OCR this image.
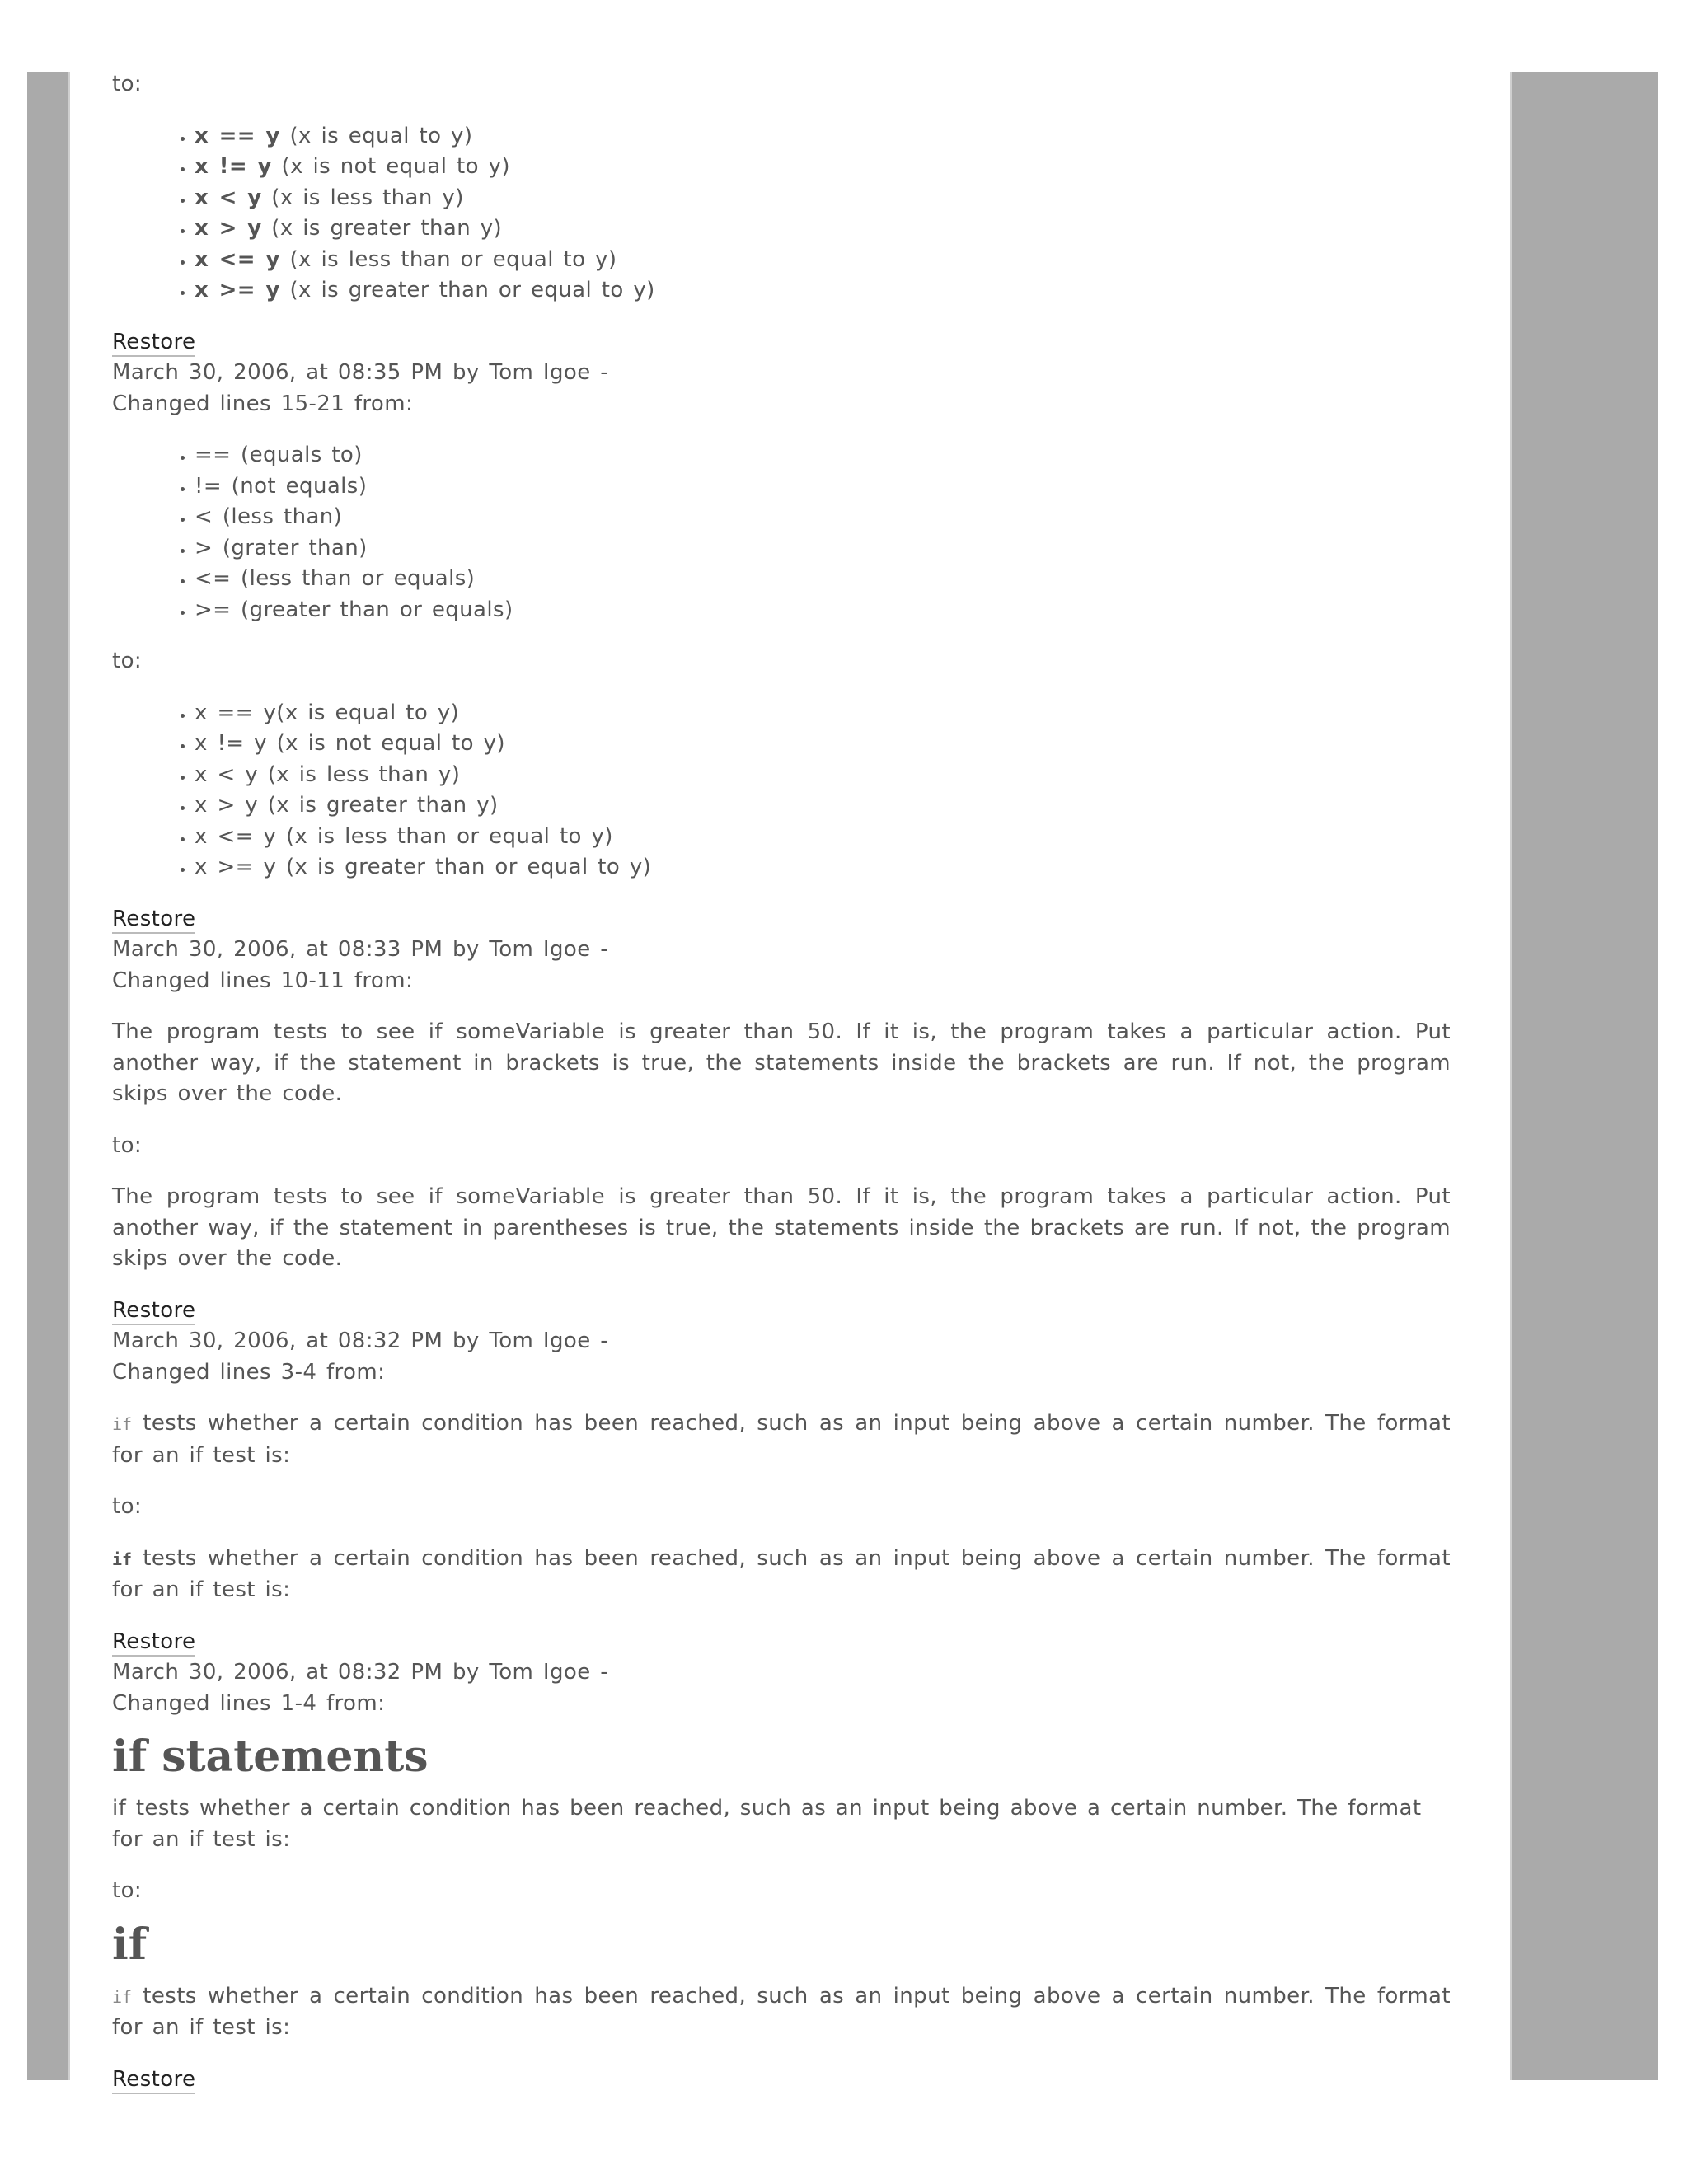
to:

• x == y (x is equal to y)
• x != y (x is not equal to y)
• x < y (x is less than y)
• x > y (x is greater than y)
• x <= y (x is less than or equal to y)
• x >= y (x is greater than or equal to y)
Restore

March 30, 2006, at 08:35 PM by Tom Igoe -

Changed lines 15-21 from:

• == (equals to)
• != (not equals)
• < (less than)
• > (grater than)
• <= (less than or equals)
• >= (greater than or equals)

to:

• x == y(x is equal to y)
• x != y (x is not equal to y)
• x < y (x is less than y)
• x > y (x is greater than y)
• x <= y (x is less than or equal to y)
• x >= y (x is greater than or equal to y)
Restore

March 30, 2006, at 08:33 PM by Tom Igoe -

Changed lines 10-11 from:

The program tests to see if someVariable is greater than 50. If it is, the program takes a particular action. Put another way, if the statement in brackets is true, the statements inside the brackets are run. If not, the program skips over the code.

to:

The program tests to see if someVariable is greater than 50. If it is, the program takes a particular action. Put another way, if the statement in parentheses is true, the statements inside the brackets are run. If not, the program skips over the code.

Restore

March 30, 2006, at 08:32 PM by Tom Igoe -

Changed lines 3-4 from:

if tests whether a certain condition has been reached, such as an input being above a certain number. The format for an if test is:

to:

if tests whether a certain condition has been reached, such as an input being above a certain number. The format for an if test is:

Restore

March 30, 2006, at 08:32 PM by Tom Igoe -

Changed lines 1-4 from:

if statements

if tests whether a certain condition has been reached, such as an input being above a certain number. The format for an if test is:

to:

if

if tests whether a certain condition has been reached, such as an input being above a certain number. The format for an if test is:

Restore
